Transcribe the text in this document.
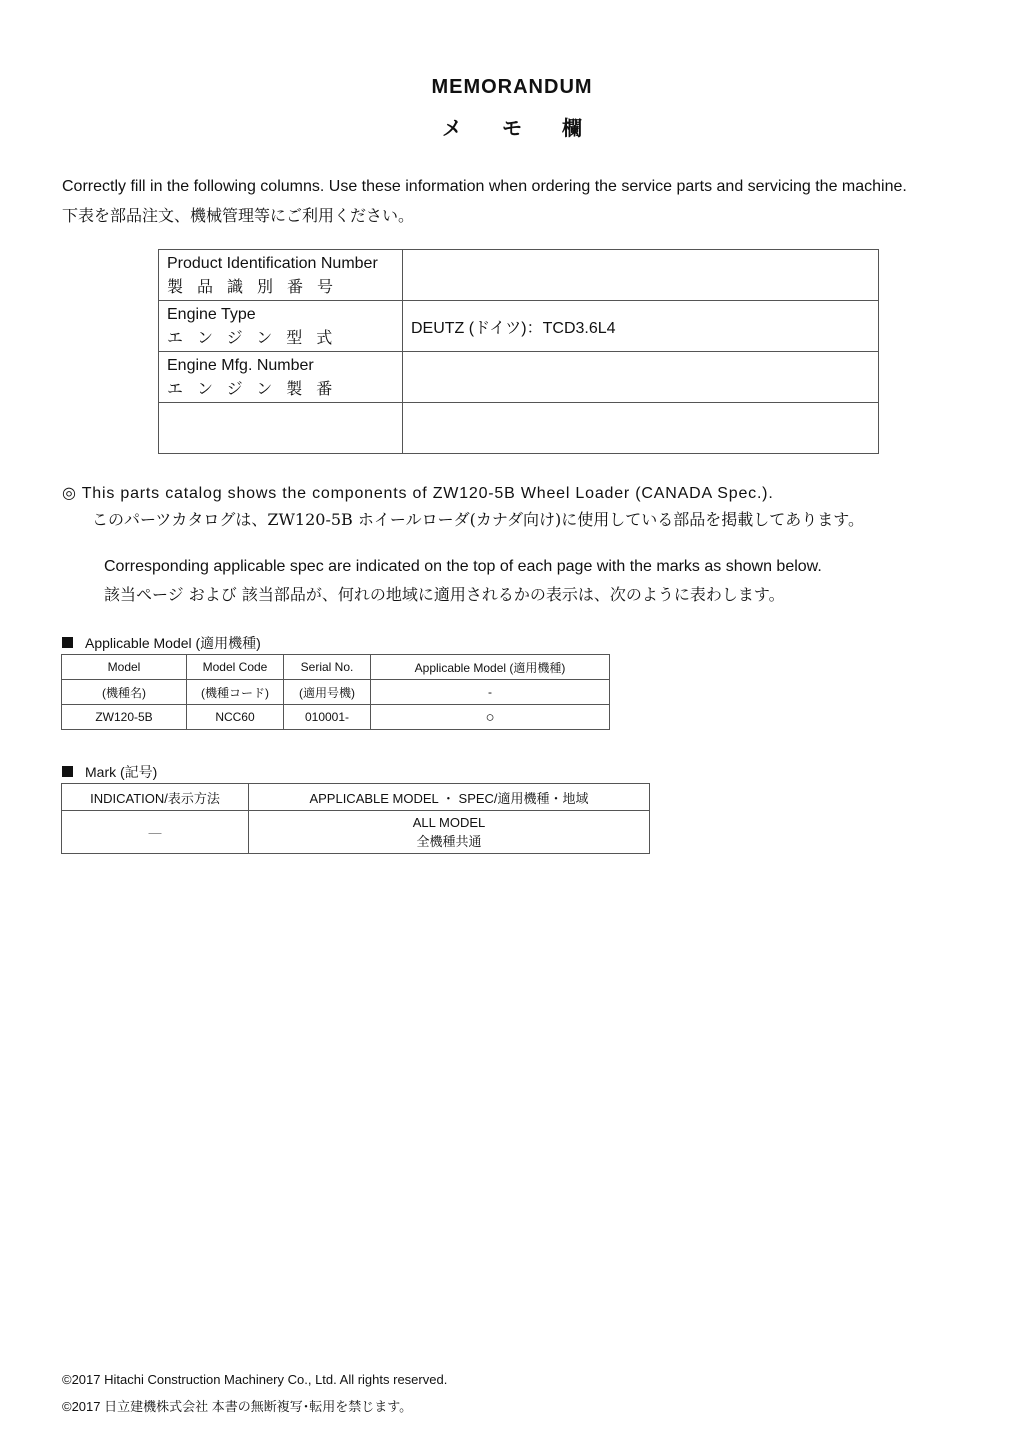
MEMORANDUM
メモ欄
Correctly fill in the following columns. Use these information when ordering the service parts and servicing the machine.
下表を部品注文、機械管理等にご利用ください。
Product Identification Number
製品識別番号	

Engine Type
エンジン型式	DEUTZ (ドイツ)：TCD3.6L4

Engine Mfg. Number
エンジン製番	

◎ This parts catalog shows the components of ZW120-5B Wheel Loader (CANADA Spec.).
このパーツカタログは、ZW120-5B ホイールローダ(カナダ向け)に使用している部品を掲載してあります。
Corresponding applicable spec are indicated on the top of each page with the marks as shown below.
該当ページ および 該当部品が、何れの地域に適用されるかの表示は、次のように表わします。
Applicable Model (適用機種)
Model	Model Code	Serial No.	Applicable Model (適用機種)
(機種名)	(機種コード)	(適用号機)	-
ZW120-5B	NCC60	010001-	○
Mark (記号)
INDICATION/表示方法	APPLICABLE MODEL ・ SPEC/適用機種・地域
—	ALL MODEL
全機種共通
©2017 Hitachi Construction Machinery Co., Ltd. All rights reserved.
©2017 日立建機株式会社 本書の無断複写･転用を禁じます。
